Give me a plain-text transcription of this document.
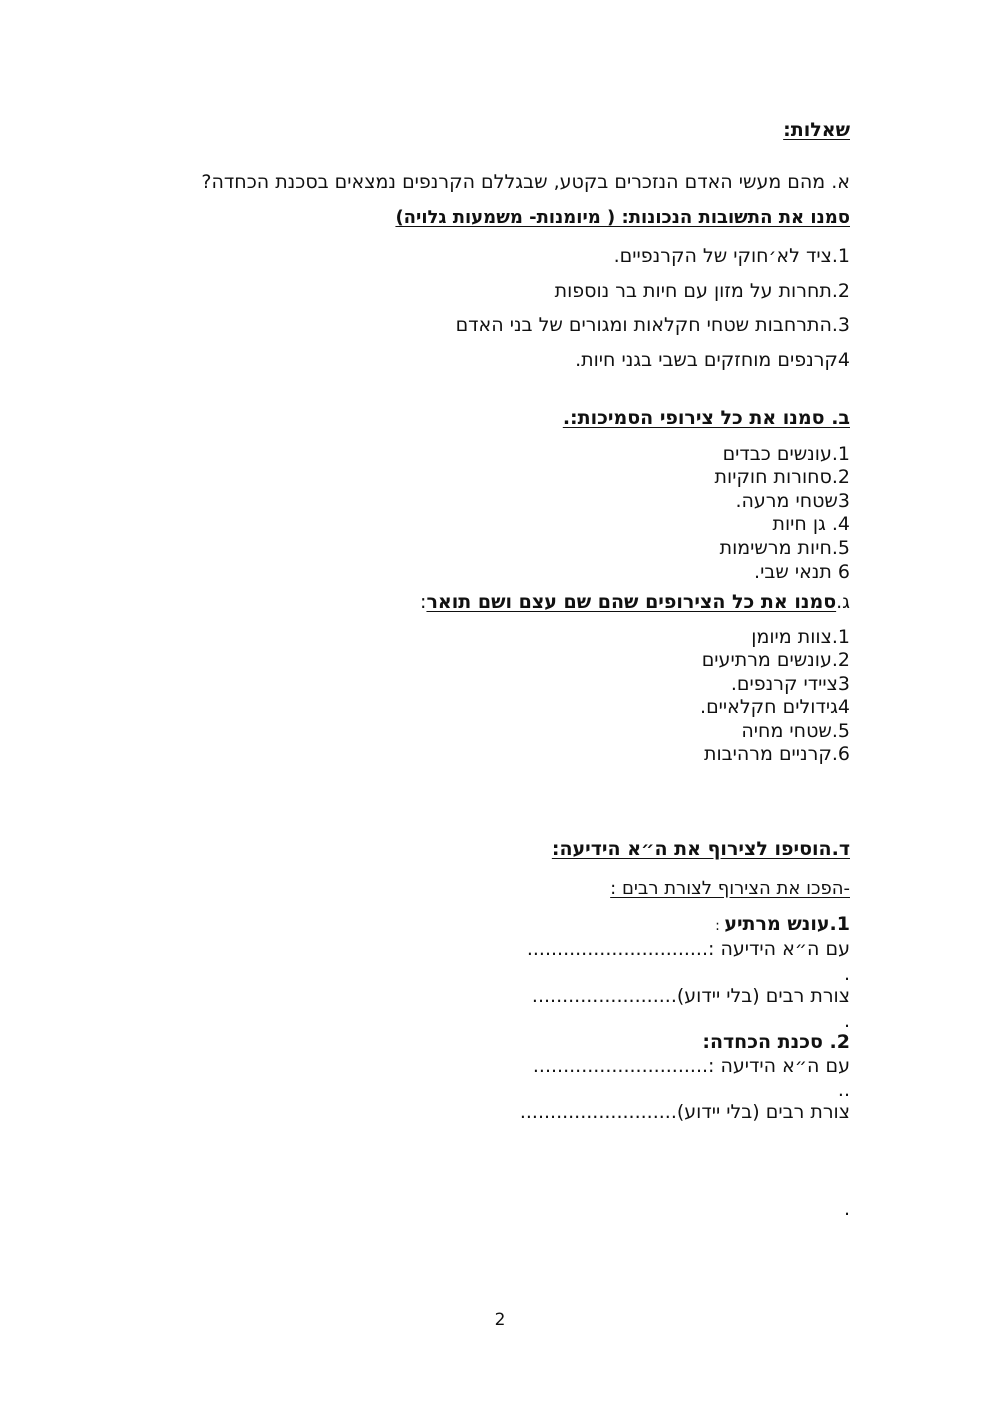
שאלות:
א. מהם מעשי האדם הנזכרים בקטע, שבגללם הקרנפים נמצאים בסכנת הכחדה?
סמנו את התשובות הנכונות: ( מיומנות- משמעות גלויה)
1.ציד לא׳חוקי של הקרנפיים.
2.תחרות על מזון עם חיות בר נוספות
3.התרחבות שטחי חקלאות ומגורים של בני האדם
4קרנפים מוחזקים בשבי בגני חיות.
ב. סמנו את כל צירופי הסמיכות:.
1.עונשים כבדים
2.סחורות חוקיות
3שטחי מרעה.
4. גן חיות
5.חיות מרשימות
6 תנאי שבי.
ג.סמנו את כל הצירופים שהם שם עצם ושם תואר:
1.צוות מיומן
2.עונשים מרתיעים
3ציידי קרנפים.
4גידולים חקלאיים.
5.שטחי מחיה
6.קרניים מרהיבות
ד.הוסיפו לצירוף את ה״א הידיעה:
-הפכו את הצירוף לצורת רבים :
1.עונש מרתיע :
עם ה״א הידיעה :..............................
.
צורת רבים (בלי יידוע)........................
.
2. סכנת הכחדה:
עם ה״א הידיעה :.............................
..
צורת רבים (בלי יידוע)..........................
.
2
